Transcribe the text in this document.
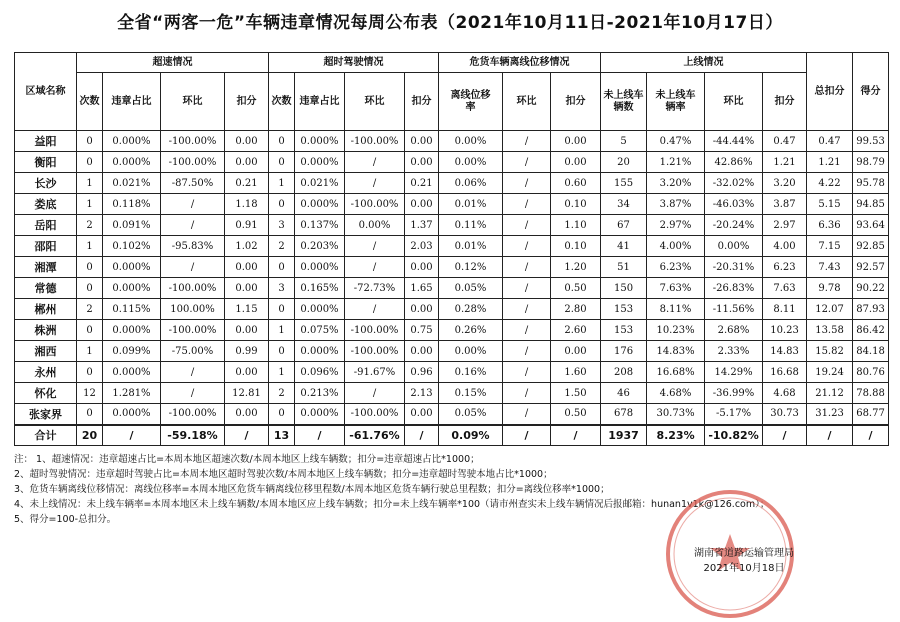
全省“两客一危”车辆违章情况每周公布表（2021年10月11日-2021年10月17日）
区域名称	超速情况				超时驾驶情况				危货车辆离线位移情况			上线情况				总扣分	得分
	次数	违章占比	环比	扣分	次数	违章占比	环比	扣分	离线位移率	环比	扣分	未上线车辆数	未上线车辆率	环比	扣分		
益阳	0	0.000%	-100.00%	0.00	0	0.000%	-100.00%	0.00	0.00%	/	0.00	5	0.47%	-44.44%	0.47	0.47	99.53
衡阳	0	0.000%	-100.00%	0.00	0	0.000%	/	0.00	0.00%	/	0.00	20	1.21%	42.86%	1.21	1.21	98.79
长沙	1	0.021%	-87.50%	0.21	1	0.021%	/	0.21	0.06%	/	0.60	155	3.20%	-32.02%	3.20	4.22	95.78
娄底	1	0.118%	/	1.18	0	0.000%	-100.00%	0.00	0.01%	/	0.10	34	3.87%	-46.03%	3.87	5.15	94.85
岳阳	2	0.091%	/	0.91	3	0.137%	0.00%	1.37	0.11%	/	1.10	67	2.97%	-20.24%	2.97	6.36	93.64
邵阳	1	0.102%	-95.83%	1.02	2	0.203%	/	2.03	0.01%	/	0.10	41	4.00%	0.00%	4.00	7.15	92.85
湘潭	0	0.000%	/	0.00	0	0.000%	/	0.00	0.12%	/	1.20	51	6.23%	-20.31%	6.23	7.43	92.57
常德	0	0.000%	-100.00%	0.00	3	0.165%	-72.73%	1.65	0.05%	/	0.50	150	7.63%	-26.83%	7.63	9.78	90.22
郴州	2	0.115%	100.00%	1.15	0	0.000%	/	0.00	0.28%	/	2.80	153	8.11%	-11.56%	8.11	12.07	87.93
株洲	0	0.000%	-100.00%	0.00	1	0.075%	-100.00%	0.75	0.26%	/	2.60	153	10.23%	2.68%	10.23	13.58	86.42
湘西	1	0.099%	-75.00%	0.99	0	0.000%	-100.00%	0.00	0.00%	/	0.00	176	14.83%	2.33%	14.83	15.82	84.18
永州	0	0.000%	/	0.00	1	0.096%	-91.67%	0.96	0.16%	/	1.60	208	16.68%	14.29%	16.68	19.24	80.76
怀化	12	1.281%	/	12.81	2	0.213%	/	2.13	0.15%	/	1.50	46	4.68%	-36.99%	4.68	21.12	78.88
张家界	0	0.000%	-100.00%	0.00	0	0.000%	-100.00%	0.00	0.05%	/	0.50	678	30.73%	-5.17%	30.73	31.23	68.77
合计	20	/	-59.18%	/	13	/	-61.76%	/	0.09%	/	/	1937	8.23%	-10.82%	/	/	/
注： 1、超速情况：违章超速占比=本周本地区超速次数/本周本地区上线车辆数；扣分=违章超速占比*1000；
2、超时驾驶情况：违章超时驾驶占比=本周本地区超时驾驶次数/本周本地区上线车辆数；扣分=违章超时驾驶本地占比*1000；
3、危货车辆离线位移情况：离线位移率=本周本地区危货车辆离线位移里程数/本周本地区危货车辆行驶总里程数；扣分=离线位移率*1000；
4、未上线情况：未上线车辆率=本周本地区未上线车辆数/本周本地区应上线车辆数；扣分=未上线车辆率*100（请市州查实未上线车辆情况后报邮箱：hunan1v1k@126.com）；
5、得分=100-总扣分。
湖南省道路运输管理局
2021年10月18日
